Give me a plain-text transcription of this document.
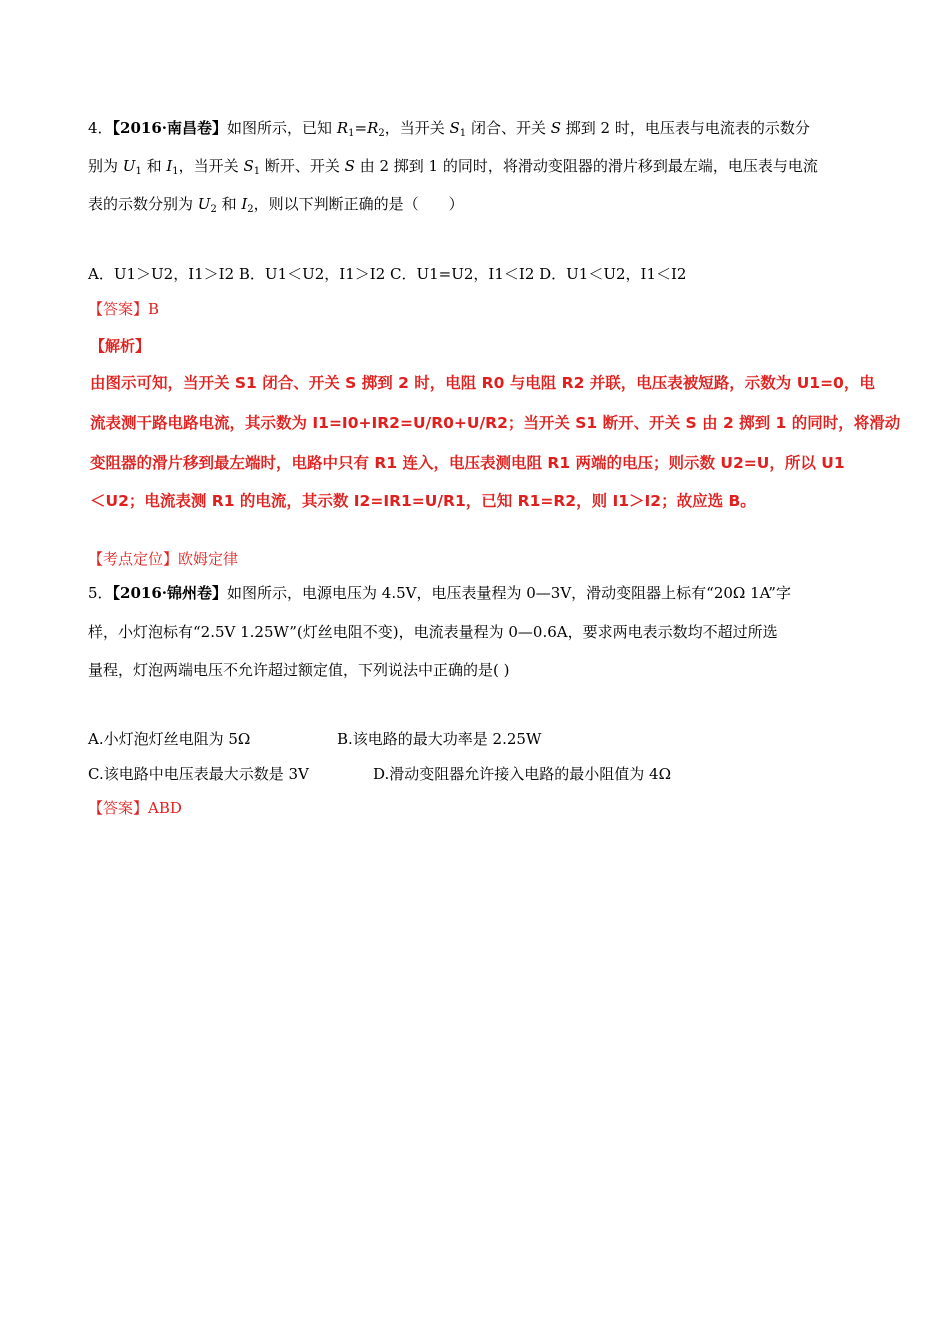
4．【2016·南昌卷】如图所示，已知 $R_1=R_2$，当开关 $S_1$ 闭合、开关 S 掷到 2 时，电压表与电流表的示数分
别为 $U_1$ 和 $I_1$，当开关 $S_1$ 断开、开关 S 由 2 掷到 1 的同时，将滑动变阻器的滑片移到最左端，电压表与电流
表的示数分别为 $U_2$ 和 $I_2$，则以下判断正确的是（　　）
A．U1＞U2，I1＞I2 B．U1＜U2，I1＞I2 C．U1=U2，I1＜I2 D．U1＜U2，I1＜I2
【答案】B
【解析】
由图示可知，当开关 S1 闭合、开关 S 掷到 2 时，电阻 R0 与电阻 R2 并联，电压表被短路，示数为 U1=0，电
流表测干路电路电流，其示数为 I1=I0+IR2=U/R0+U/R2；当开关 S1 断开、开关 S 由 2 掷到 1 的同时，将滑动
变阻器的滑片移到最左端时，电路中只有 R1 连入，电压表测电阻 R1 两端的电压；则示数 U2=U，所以 U1
＜U2；电流表测 R1 的电流，其示数 I2=IR1=U/R1，已知 R1=R2，则 I1＞I2；故应选 B。
【考点定位】欧姆定律
5．【2016·锦州卷】如图所示，电源电压为 4.5V，电压表量程为 0—3V，滑动变阻器上标有“20Ω 1A”字
样，小灯泡标有“2.5V 1.25W”(灯丝电阻不变)，电流表量程为 0—0.6A，要求两电表示数均不超过所选
量程，灯泡两端电压不允许超过额定值，下列说法中正确的是( )
A.小灯泡灯丝电阻为 5Ω	B.该电路的最大功率是 2.25W
C.该电路中电压表最大示数是 3V	D.滑动变阻器允许接入电路的最小阻值为 4Ω
【答案】ABD
